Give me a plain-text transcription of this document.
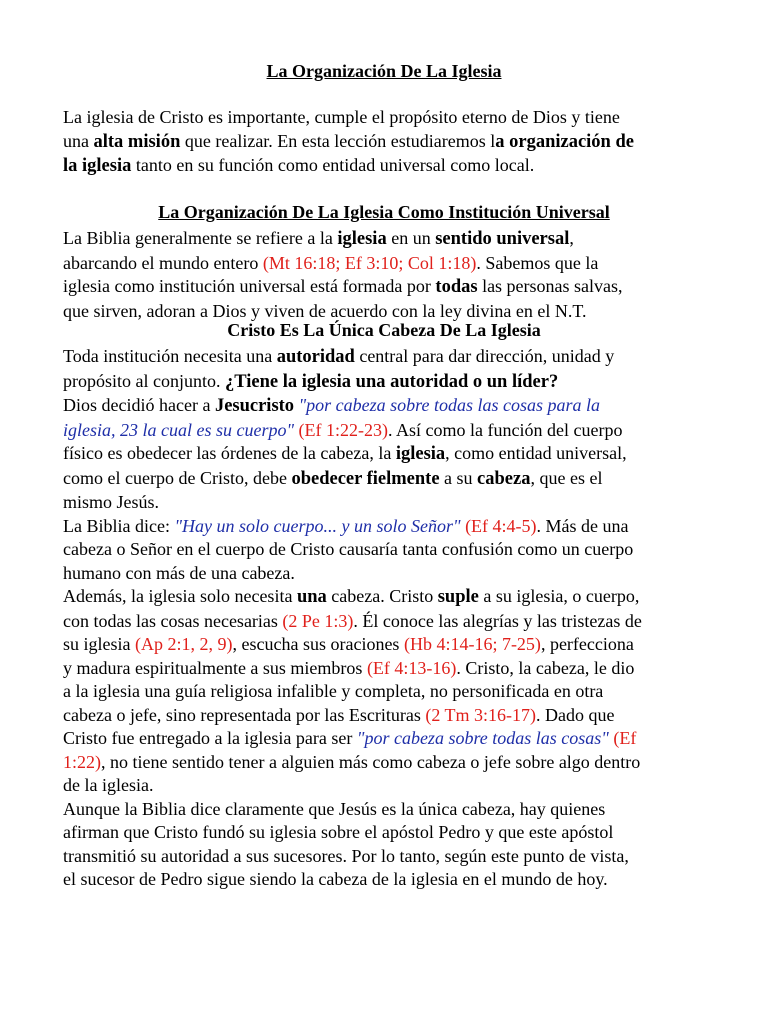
La Organización De La Iglesia
La iglesia de Cristo es importante, cumple el propósito eterno de Dios y tiene
una alta misión que realizar. En esta lección estudiaremos la organización de
la iglesia tanto en su función como entidad universal como local.
La Organización De La Iglesia Como Institución Universal
La Biblia generalmente se refiere a la iglesia en un sentido universal,
abarcando el mundo entero (Mt 16:18; Ef 3:10; Col 1:18). Sabemos que la
iglesia como institución universal está formada por todas las personas salvas,
que sirven, adoran a Dios y viven de acuerdo con la ley divina en el N.T.
Cristo Es La Única Cabeza De La Iglesia
Toda institución necesita una autoridad central para dar dirección, unidad y
propósito al conjunto. ¿Tiene la iglesia una autoridad o un líder?
Dios decidió hacer a Jesucristo "por cabeza sobre todas las cosas para la
iglesia, 23 la cual es su cuerpo" (Ef 1:22-23). Así como la función del cuerpo
físico es obedecer las órdenes de la cabeza, la iglesia, como entidad universal,
como el cuerpo de Cristo, debe obedecer fielmente a su cabeza, que es el
mismo Jesús.
La Biblia dice: "Hay un solo cuerpo... y un solo Señor" (Ef 4:4-5). Más de una
cabeza o Señor en el cuerpo de Cristo causaría tanta confusión como un cuerpo
humano con más de una cabeza.
Además, la iglesia solo necesita una cabeza. Cristo suple a su iglesia, o cuerpo,
con todas las cosas necesarias (2 Pe 1:3). Él conoce las alegrías y las tristezas de
su iglesia (Ap 2:1, 2, 9), escucha sus oraciones (Hb 4:14-16; 7-25), perfecciona
y madura espiritualmente a sus miembros (Ef 4:13-16). Cristo, la cabeza, le dio
a la iglesia una guía religiosa infalible y completa, no personificada en otra
cabeza o jefe, sino representada por las Escrituras (2 Tm 3:16-17). Dado que
Cristo fue entregado a la iglesia para ser "por cabeza sobre todas las cosas" (Ef
1:22), no tiene sentido tener a alguien más como cabeza o jefe sobre algo dentro
de la iglesia.
Aunque la Biblia dice claramente que Jesús es la única cabeza, hay quienes
afirman que Cristo fundó su iglesia sobre el apóstol Pedro y que este apóstol
transmitió su autoridad a sus sucesores. Por lo tanto, según este punto de vista,
el sucesor de Pedro sigue siendo la cabeza de la iglesia en el mundo de hoy.
